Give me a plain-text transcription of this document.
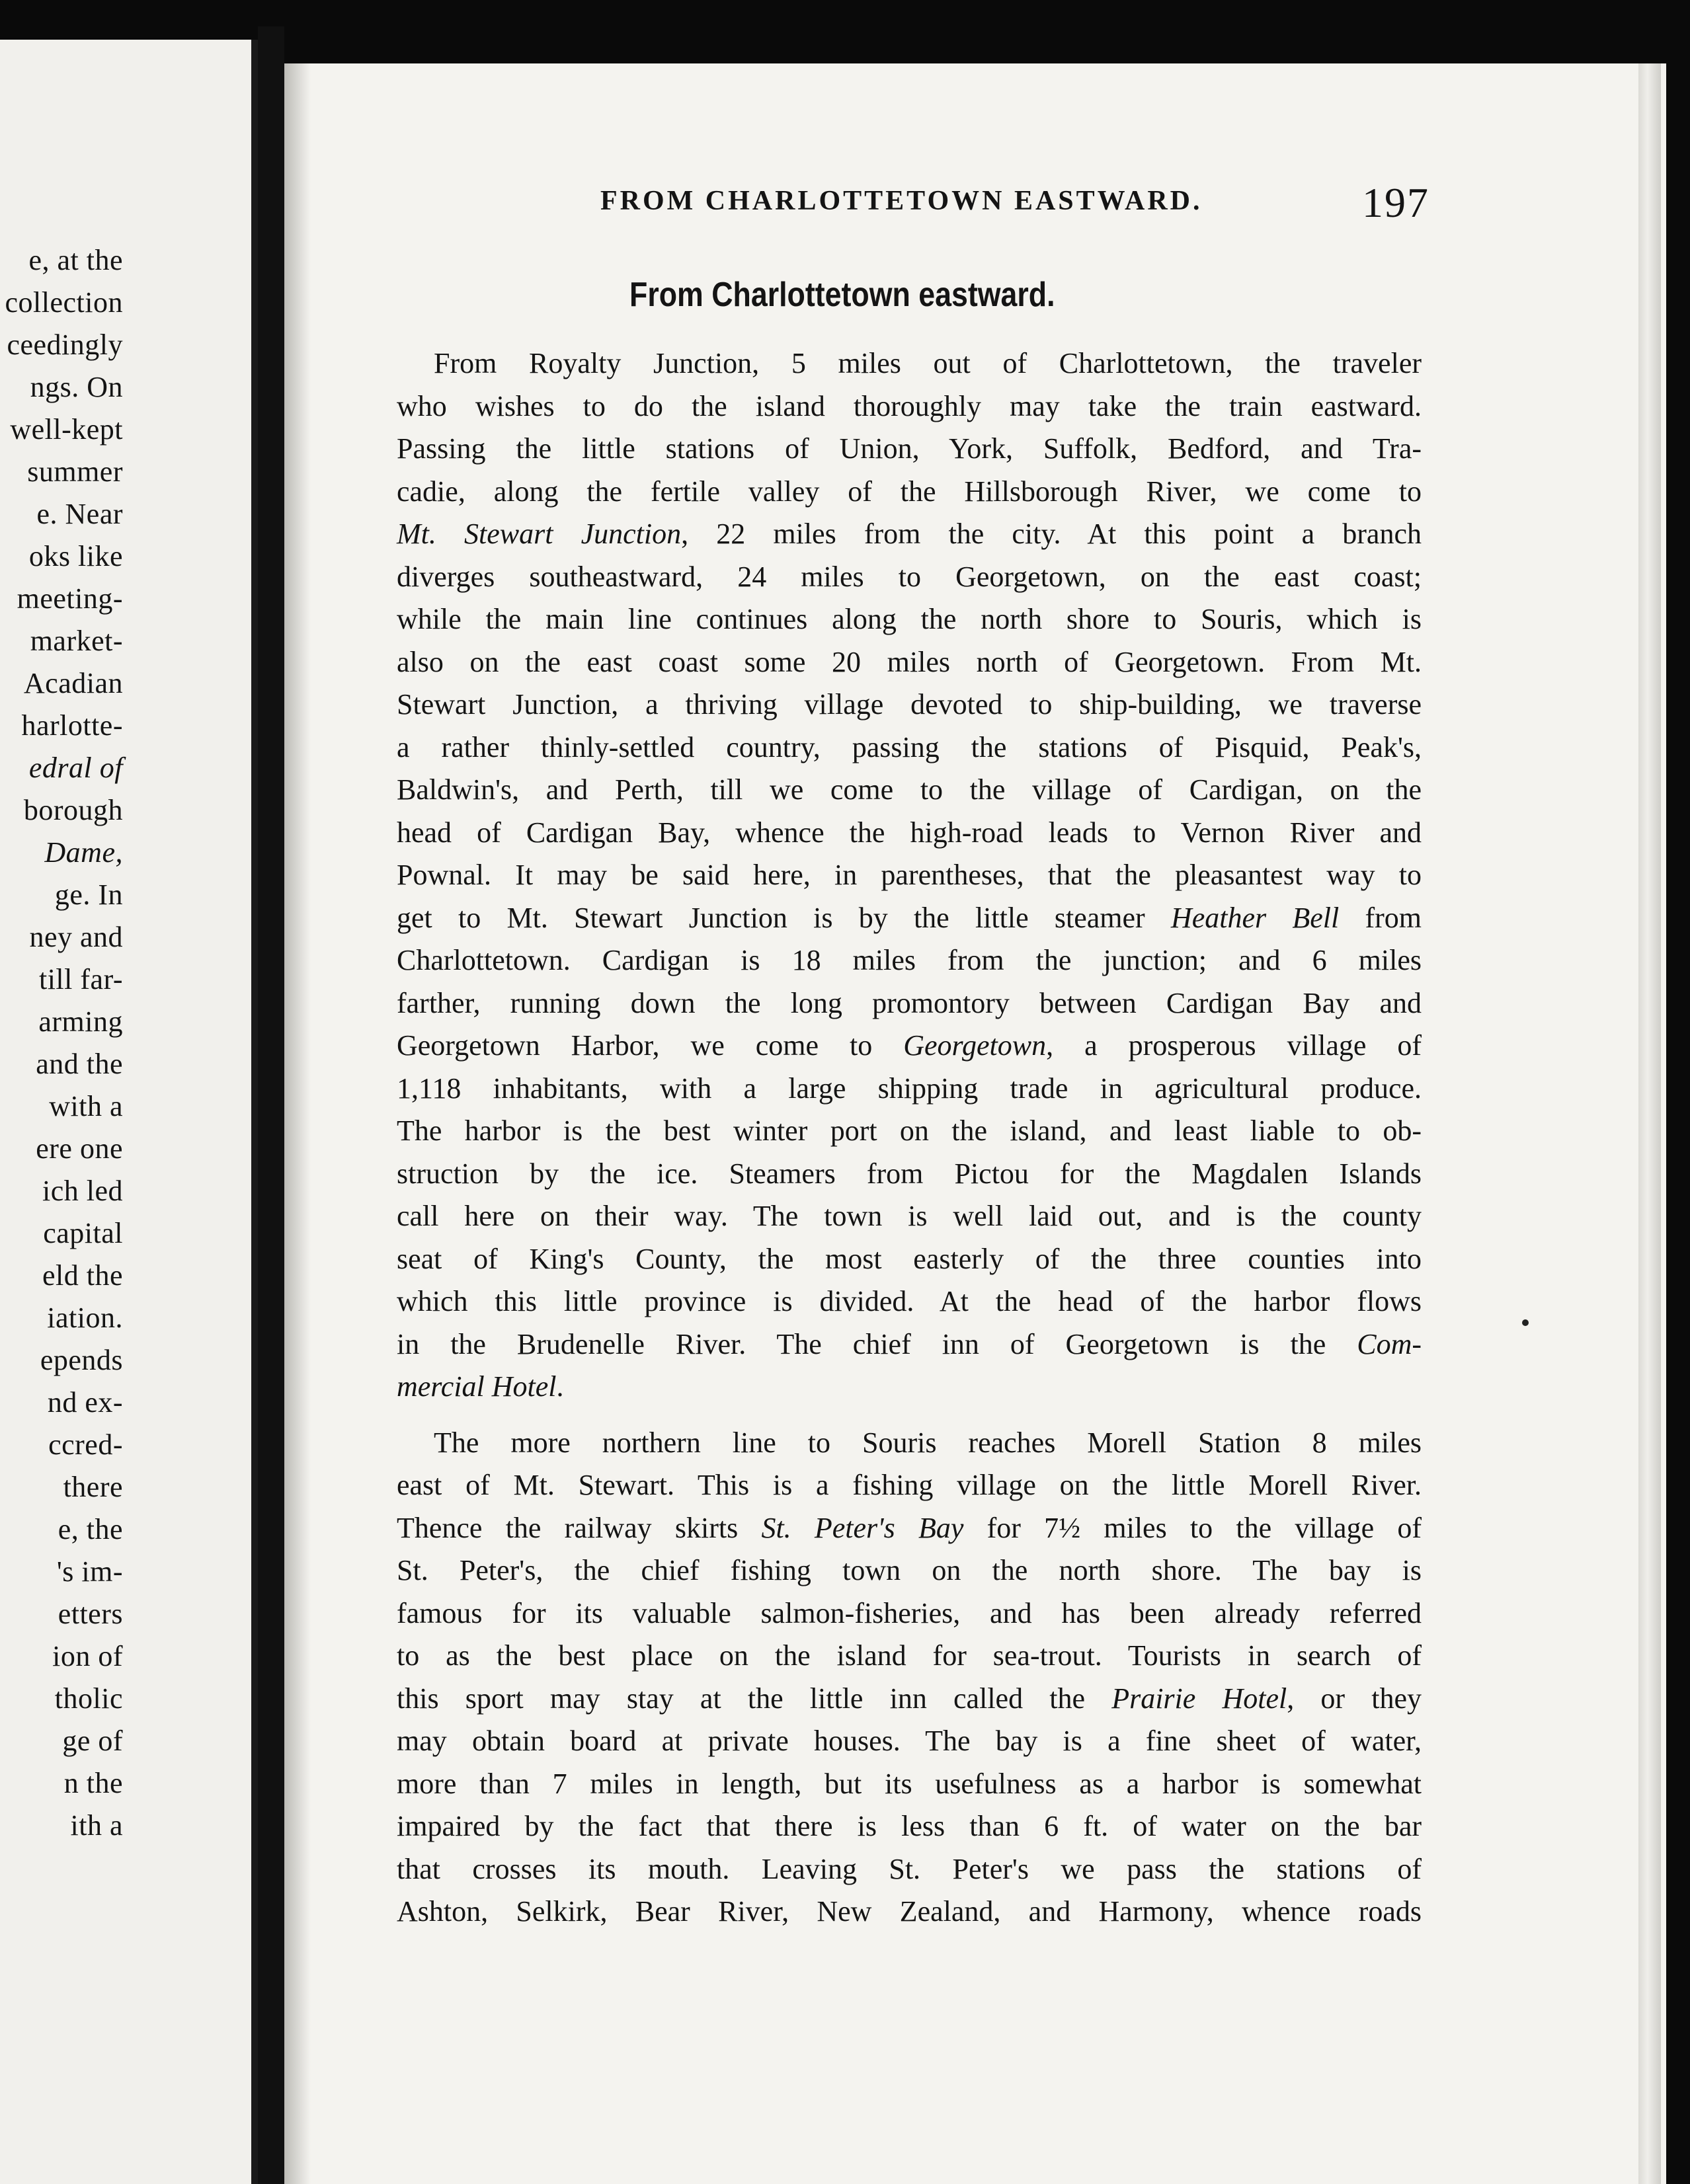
e, at the
collection
ceedingly
ngs. On
well-kept
summer
e. Near
oks like
meeting-
market-
Acadian
harlotte-
edral of
borough
Dame,
ge. In
ney and
till far-
arming
and the
with a
ere one
ich led
capital
eld the
iation.
epends
nd ex-
ccred-
there
e, the
's im-
etters
ion of
tholic
ge of
n the
ith a
FROM CHARLOTTETOWN EASTWARD.	197
From Charlottetown eastward.
From Royalty Junction, 5 miles out of Charlottetown, the traveler
who wishes to do the island thoroughly may take the train eastward.
Passing the little stations of Union, York, Suffolk, Bedford, and Tra-
cadie, along the fertile valley of the Hillsborough River, we come to
Mt. Stewart Junction, 22 miles from the city. At this point a branch
diverges southeastward, 24 miles to Georgetown, on the east coast;
while the main line continues along the north shore to Souris, which is
also on the east coast some 20 miles north of Georgetown. From Mt.
Stewart Junction, a thriving village devoted to ship-building, we traverse
a rather thinly-settled country, passing the stations of Pisquid, Peak's,
Baldwin's, and Perth, till we come to the village of Cardigan, on the
head of Cardigan Bay, whence the high-road leads to Vernon River and
Pownal. It may be said here, in parentheses, that the pleasantest way to
get to Mt. Stewart Junction is by the little steamer Heather Bell from
Charlottetown. Cardigan is 18 miles from the junction; and 6 miles
farther, running down the long promontory between Cardigan Bay and
Georgetown Harbor, we come to Georgetown, a prosperous village of
1,118 inhabitants, with a large shipping trade in agricultural produce.
The harbor is the best winter port on the island, and least liable to ob-
struction by the ice. Steamers from Pictou for the Magdalen Islands
call here on their way. The town is well laid out, and is the county
seat of King's County, the most easterly of the three counties into
which this little province is divided. At the head of the harbor flows
in the Brudenelle River. The chief inn of Georgetown is the Com-
mercial Hotel.
The more northern line to Souris reaches Morell Station 8 miles
east of Mt. Stewart. This is a fishing village on the little Morell River.
Thence the railway skirts St. Peter's Bay for 7½ miles to the village of
St. Peter's, the chief fishing town on the north shore. The bay is
famous for its valuable salmon-fisheries, and has been already referred
to as the best place on the island for sea-trout. Tourists in search of
this sport may stay at the little inn called the Prairie Hotel, or they
may obtain board at private houses. The bay is a fine sheet of water,
more than 7 miles in length, but its usefulness as a harbor is somewhat
impaired by the fact that there is less than 6 ft. of water on the bar
that crosses its mouth. Leaving St. Peter's we pass the stations of
Ashton, Selkirk, Bear River, New Zealand, and Harmony, whence roads
